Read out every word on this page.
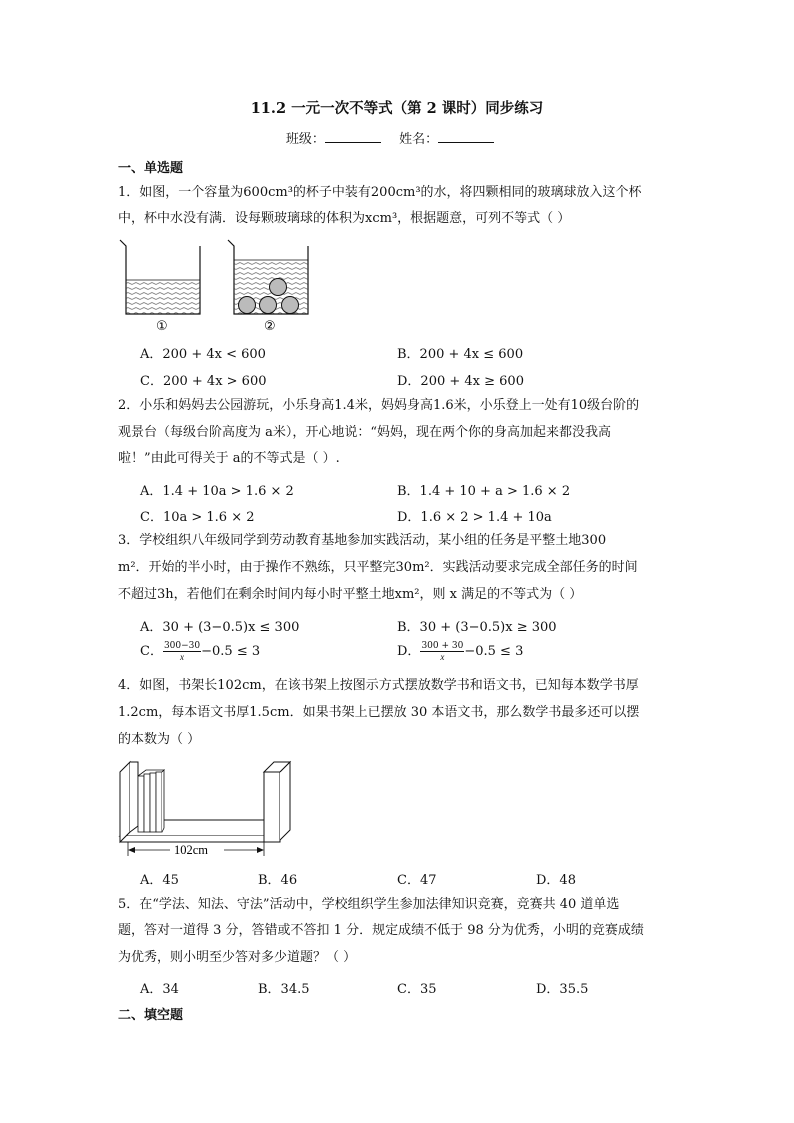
11.2 一元一次不等式（第 2 课时）同步练习
班级：	姓名：
一、单选题
1．如图，一个容量为600cm³的杯子中装有200cm³的水，将四颗相同的玻璃球放入这个杯
中，杯中水没有满．设每颗玻璃球的体积为xcm³，根据题意，可列不等式（ ）
①	②
A．200 + 4x < 600	B．200 + 4x ≤ 600
C．200 + 4x > 600	D．200 + 4x ≥ 600
2．小乐和妈妈去公园游玩，小乐身高1.4米，妈妈身高1.6米，小乐登上一处有10级台阶的
观景台（每级台阶高度为 a米），开心地说：“妈妈，现在两个你的身高加起来都没我高
啦！”由此可得关于 a的不等式是（ ）.
A．1.4 + 10a > 1.6 × 2	B．1.4 + 10 + a > 1.6 × 2
C．10a > 1.6 × 2	D．1.6 × 2 > 1.4 + 10a
3．学校组织八年级同学到劳动教育基地参加实践活动，某小组的任务是平整土地300
m²．开始的半小时，由于操作不熟练，只平整完30m²．实践活动要求完成全部任务的时间
不超过3h，若他们在剩余时间内每小时平整土地xm²，则 x 满足的不等式为（ ）
A．30 + (3−0.5)x ≤ 300	B．30 + (3−0.5)x ≥ 300
C． $\frac{300-30}{x} -0.5 \le 3$	D． $\frac{300 + 30}{x} -0.5 \le 3$
4．如图，书架长102cm，在该书架上按图示方式摆放数学书和语文书，已知每本数学书厚
1.2cm，每本语文书厚1.5cm．如果书架上已摆放 30 本语文书，那么数学书最多还可以摆
的本数为（ ）
102cm
A．45	B．46	C．47	D．48
5．在“学法、知法、守法”活动中，学校组织学生参加法律知识竞赛，竞赛共 40 道单选
题，答对一道得 3 分，答错或不答扣 1 分．规定成绩不低于 98 分为优秀，小明的竞赛成绩
为优秀，则小明至少答对多少道题？（ ）
A．34	B．34.5	C．35	D．35.5
二、填空题
